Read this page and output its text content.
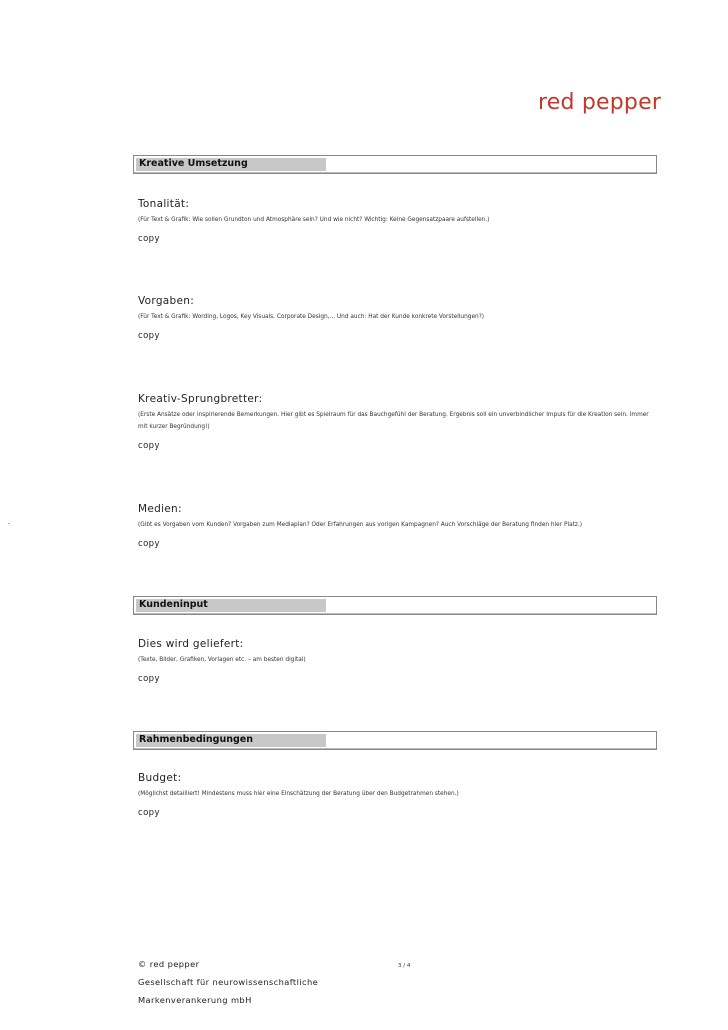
red pepper
Kreative Umsetzung
Tonalität:

(Für Text & Grafik: Wie sollen Grundton und Atmosphäre sein? Und wie nicht? Wichtig: Keine Gegensatzpaare aufstellen.)

copy

Vorgaben:

(Für Text & Grafik: Wording, Logos, Key Visuals, Corporate Design,... Und auch: Hat der Kunde konkrete Vorstellungen?)

copy

Kreativ-Sprungbretter:

(Erste Ansätze oder inspirierende Bemerkungen. Hier gibt es Spielraum für das Bauchgefühl der Beratung. Ergebnis soll ein unverbindlicher Impuls für die Kreation sein. Immer mit kurzer Begründung!)

copy

Medien:

(Gibt es Vorgaben vom Kunden? Vorgaben zum Mediaplan? Oder Erfahrungen aus vorigen Kampagnen? Auch Vorschläge der Beratung finden hier Platz.)

copy

-
Kundeninput
Dies wird geliefert:

(Texte, Bilder, Grafiken, Vorlagen etc. – am besten digital)

copy

Rahmenbedingungen
Budget:

(Möglichst detailliert! Mindestens muss hier eine Einschätzung der Beratung über den Budgetrahmen stehen.)

copy

© red pepper
Gesellschaft für neurowissenschaftliche
Markenverankerung mbH
3 / 4
